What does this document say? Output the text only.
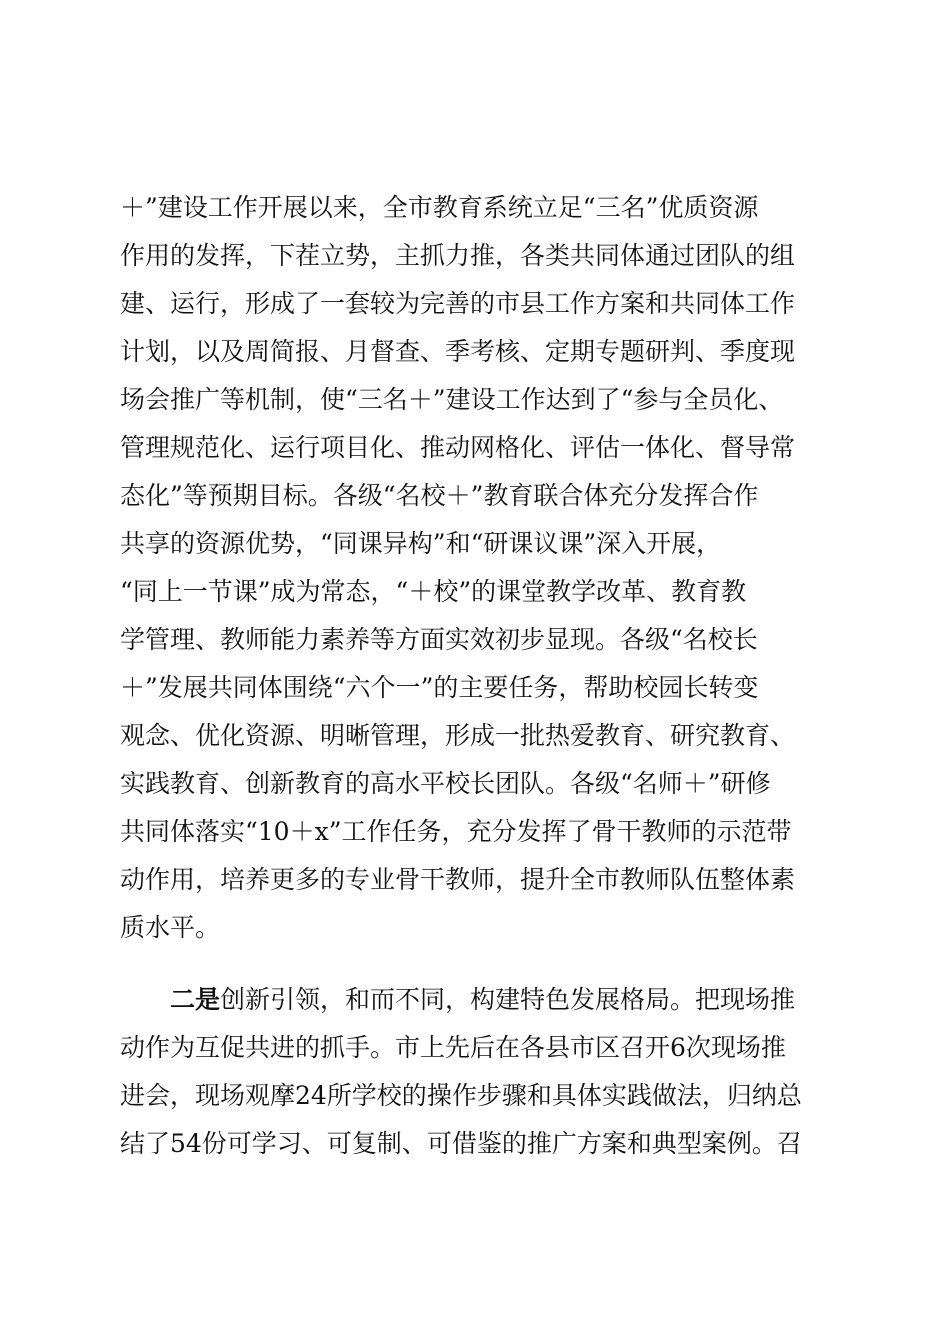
＋”建设工作开展以来，全市教育系统立足“三名”优质资源
作用的发挥，下茬立势，主抓力推，各类共同体通过团队的组
建、运行，形成了一套较为完善的市县工作方案和共同体工作
计划，以及周简报、月督查、季考核、定期专题研判、季度现
场会推广等机制，使“三名＋”建设工作达到了“参与全员化、
管理规范化、运行项目化、推动网格化、评估一体化、督导常
态化”等预期目标。各级“名校＋”教育联合体充分发挥合作
共享的资源优势，“同课异构”和“研课议课”深入开展，
“同上一节课”成为常态，“＋校”的课堂教学改革、教育教
学管理、教师能力素养等方面实效初步显现。各级“名校长
＋”发展共同体围绕“六个一”的主要任务，帮助校园长转变
观念、优化资源、明晰管理，形成一批热爱教育、研究教育、
实践教育、创新教育的高水平校长团队。各级“名师＋”研修
共同体落实“10＋x”工作任务，充分发挥了骨干教师的示范带
动作用，培养更多的专业骨干教师，提升全市教师队伍整体素
质水平。
二是创新引领，和而不同，构建特色发展格局。把现场推
动作为互促共进的抓手。市上先后在各县市区召开6次现场推
进会，现场观摩24所学校的操作步骤和具体实践做法，归纳总
结了54份可学习、可复制、可借鉴的推广方案和典型案例。召
